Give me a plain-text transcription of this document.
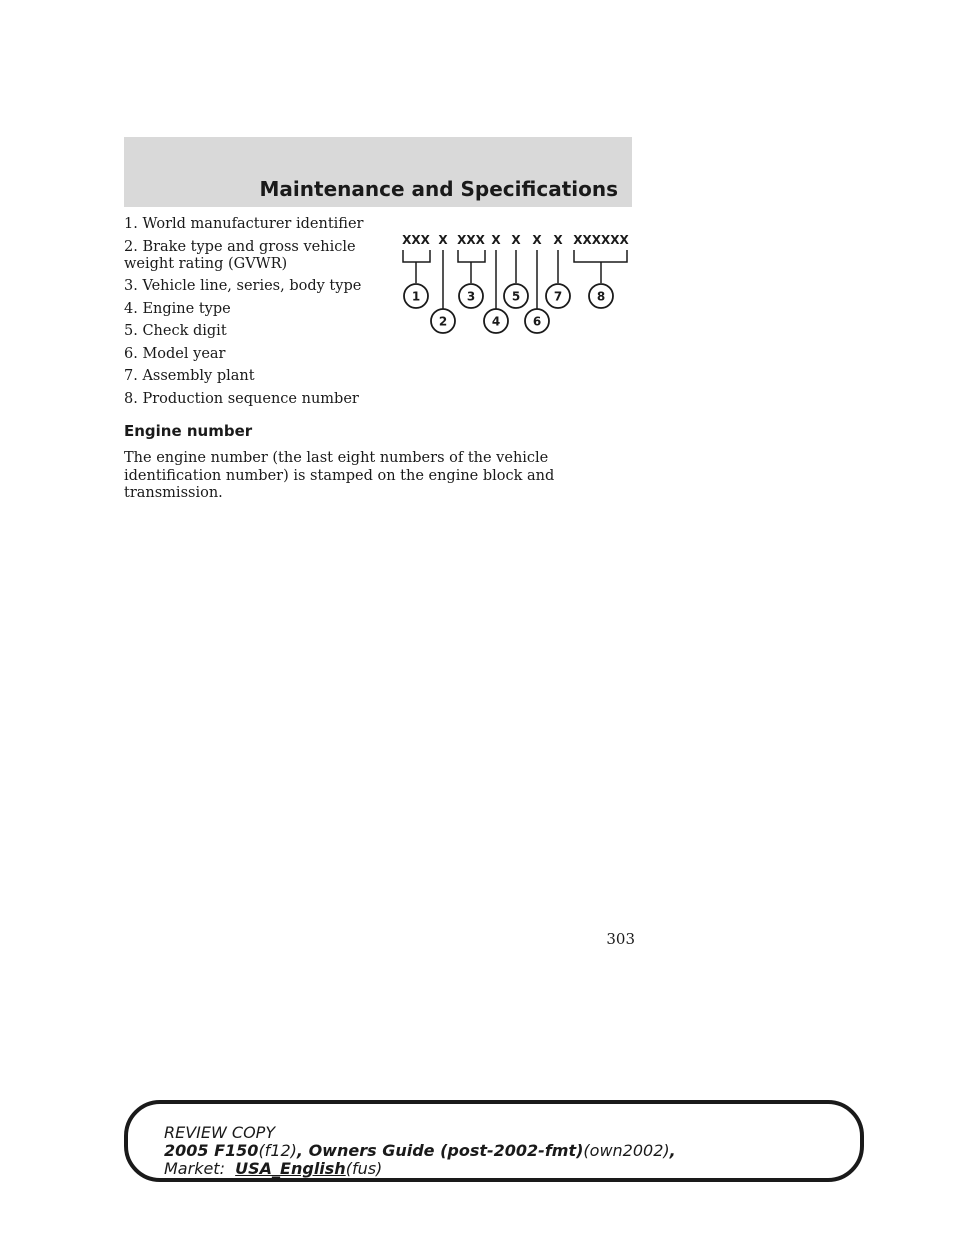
Maintenance and Specifications
1. World manufacturer identifier
2. Brake type and gross vehicle weight rating (GVWR)
3. Vehicle line, series, body type
4. Engine type
5. Check digit
6. Model year
7. Assembly plant
8. Production sequence number
XXX X XXX X X X X XXXXXX
1
2
3
4
5
6
7	8
Engine number

The engine number (the last eight numbers of the vehicle identification number) is stamped on the engine block and transmission.

303

REVIEW COPY

2005 F150(f12), Owners Guide (post-2002-fmt)(own2002),

Market: USA_English(fus)
